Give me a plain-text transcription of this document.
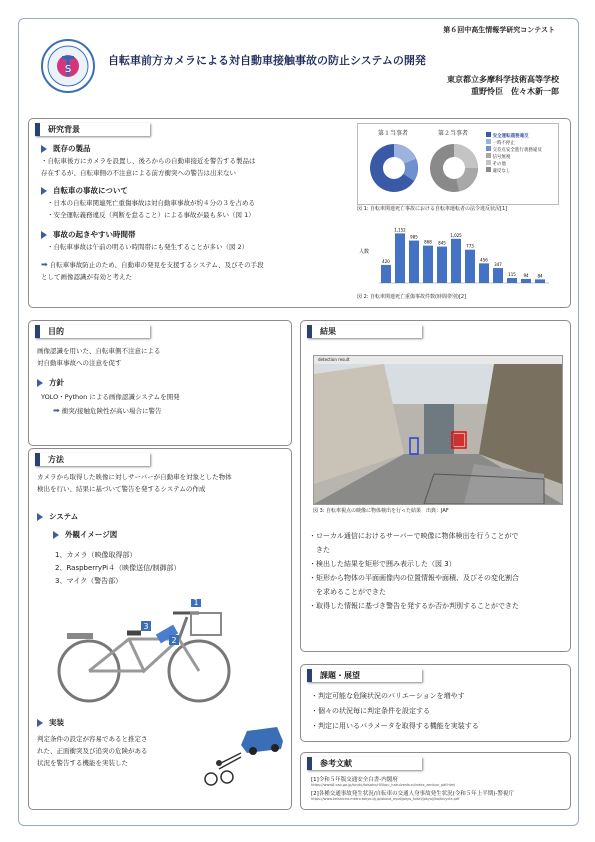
第６回中高生情報学研究コンテスト
S
自転車前方カメラによる対自動車接触事故の防止システムの開発
東京都立多摩科学技術高等学校
重野怜臣　佐々木新一郎
研究背景
既存の製品
・自転車後方にカメラを設置し、後ろからの自動車接近を警告する製品は
存在するが、自転車側の不注意による前方衝突への警告は出来ない
自転車の事故について
・日本の自転車関連死亡重傷事故は対自動車事故が約４分の３を占める
・安全運転義務違反（判断を怠ること）による事故が最も多い（図 1）
事故の起きやすい時間帯
・自転車事故は午前の明るい時間帯にも発生することが多い（図 2）
➡ 自転車事故防止のため、自動車の発見を支援するシステム、及びその手段
として画像認識が有効と考えた
第１当事者	第２当事者	安全運転義務違反
一時不停止
交差点安全進行義務違反
信号無視
その他
違反なし
図 1: 自転車関連死亡事故における自転車運転者の法令違反状況[1]
人数
420
1,152
985
868 845
1,025
773
456
347
115 94 84
図 2: 自転車関連死亡重傷事故件数(時間帯別)[2]
目的
画像認識を用いた、自転車側不注意による
対自動車事故への注意を促す
方針
YOLO・Python による画像認識システムを開発
➡ 衝突/接触危険性が高い場合に警告
方法
カメラから取得した映像に対しサーバーが自動車を対象とした物体
検出を行い、結果に基づいて警告を発するシステムの作成
システム
外観イメージ図
1、カメラ（映像取得部）
2、RaspberryPi４（映像送信/制御部）
3、マイク（警告部）
1
2
3
実装
判定条件の設定が容易であると推定さ
れた、正面衝突及び追突の危険がある
状況を警告する機能を実装した
結果
detection result
図 3: 自転車視点の映像に物体検出を行った結果　出典：JAF
・ローカル通信におけるサーバーで映像に物体検出を行うことがで
　きた
・検出した結果を矩形で囲み表示した（図 3）
・矩形から物体の平面画像内の位置情報や面積、及びその変化割合
　を求めることができた
・取得した情報に基づき警告を発するか否か判別することができた
課題・展望
・判定可能な危険状況のバリエーションを増やす
・個々の状況毎に判定条件を設定する
・判定に用いるパラメータを取得する機能を実装する
参考文献
[1]令和５年版交通安全白書-内閣府
https://www8.cao.go.jp/koutu/taisaku/r05kou_haku/zenbun/index_zenbun_pdf.html
[2]各種交通事故発生状況/自転車の交通人身事故発生状況(令和５年上半期)-警視庁
https://www.keishicho.metro.tokyo.lg.jp/about_mpd/jokyo_tokei/jokyo/jiko/bicycle.pdf
